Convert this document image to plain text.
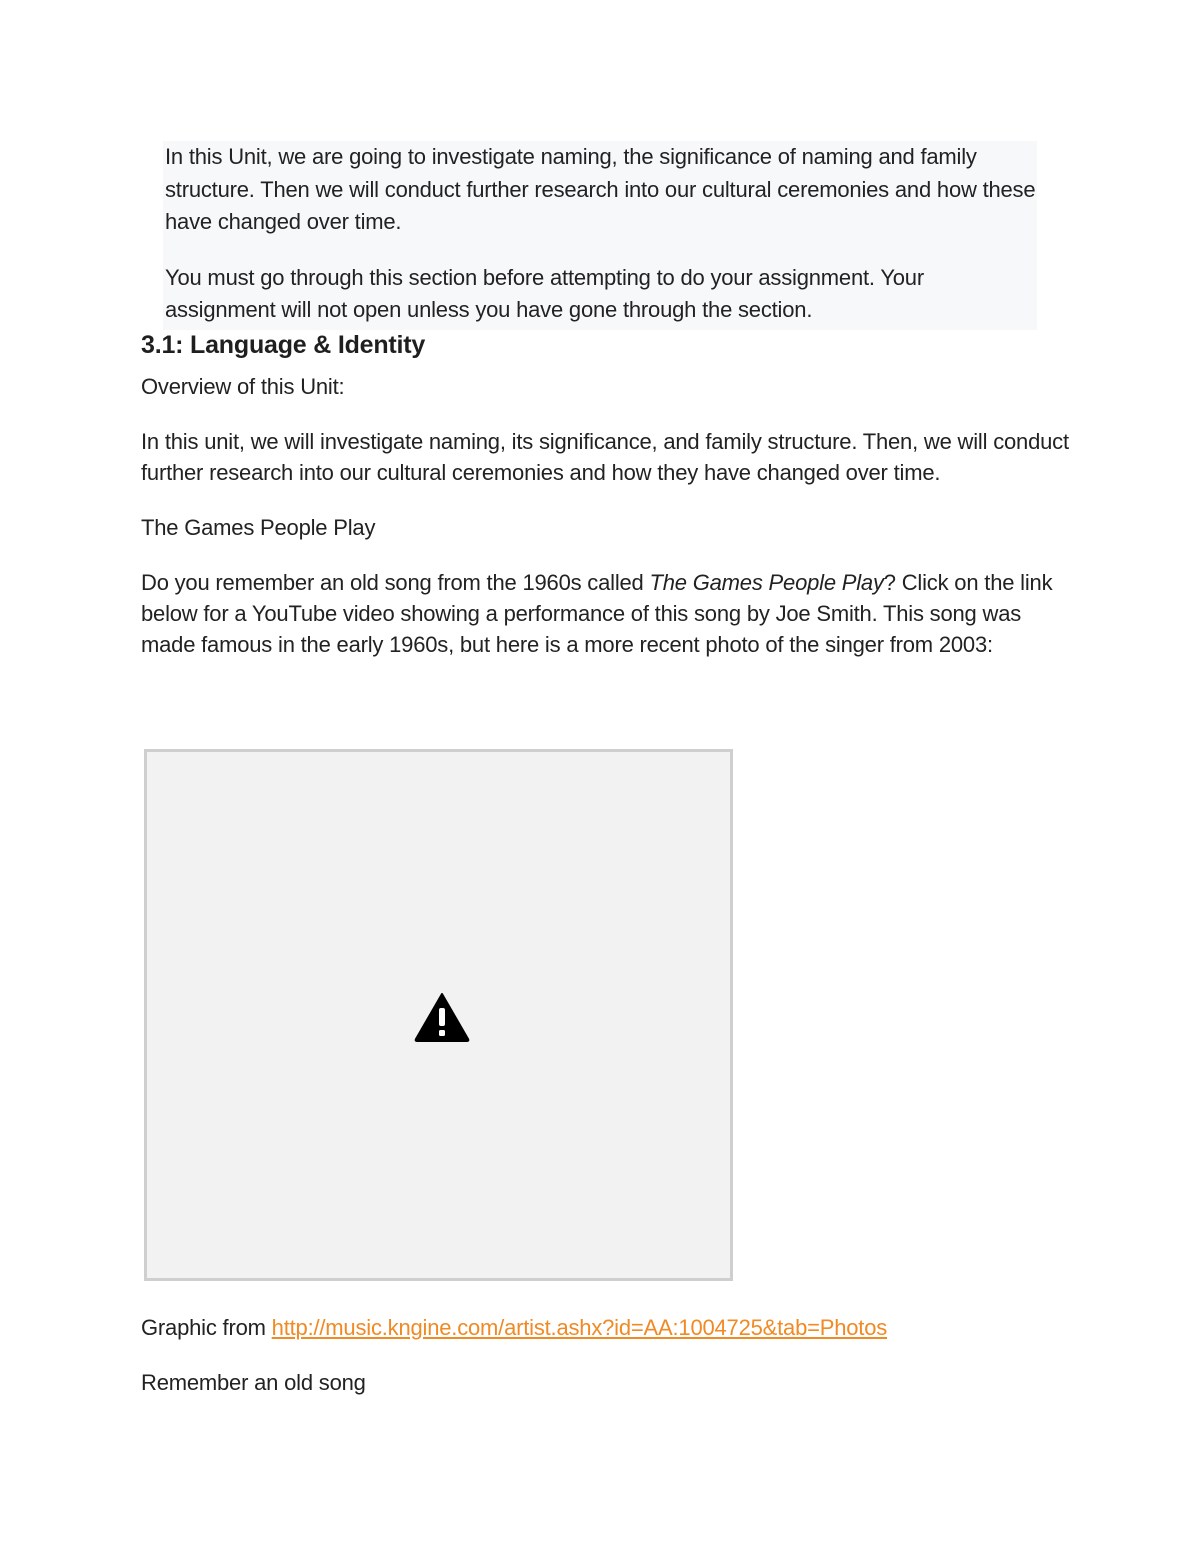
In this Unit, we are going to investigate naming, the significance of naming and family structure. Then we will conduct further research into our cultural ceremonies and how these have changed over time.

You must go through this section before attempting to do your assignment. Your assignment will not open unless you have gone through the section.

3.1: Language & Identity

Overview of this Unit:

In this unit, we will investigate naming, its significance, and family structure. Then, we will conduct further research into our cultural ceremonies and how they have changed over time.

The Games People Play

Do you remember an old song from the 1960s called The Games People Play? Click on the link below for a YouTube video showing a performance of this song by Joe Smith. This song was made famous in the early 1960s, but here is a more recent photo of the singer from 2003:

Graphic from http://music.kngine.com/artist.ashx?id=AA:1004725&tab=Photos

Remember an old song
